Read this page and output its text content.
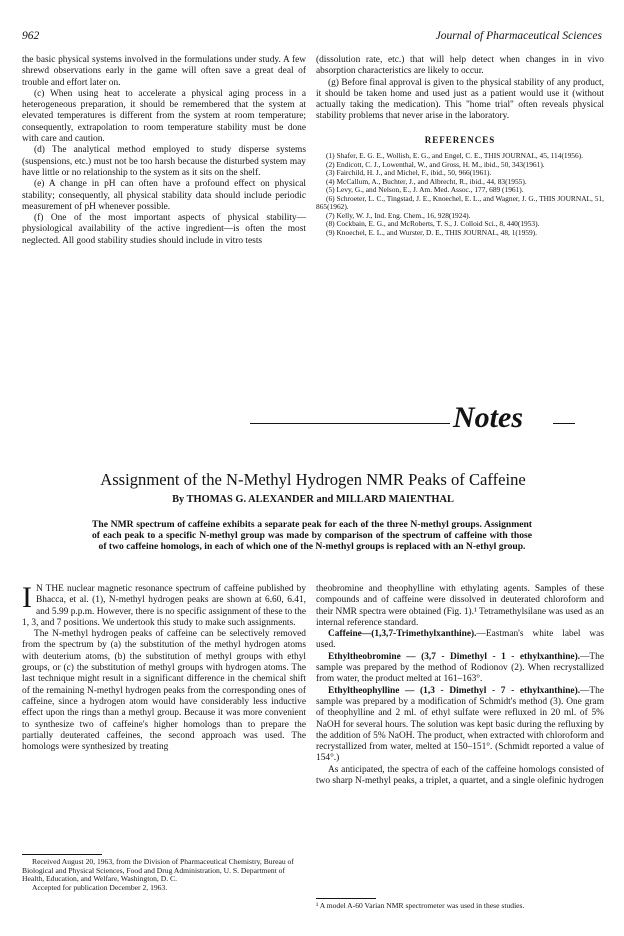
962	Journal of Pharmaceutical Sciences

the basic physical systems involved in the formulations under study. A few shrewd observations early in the game will often save a great deal of trouble and effort later on.

(c) When using heat to accelerate a physical aging process in a heterogeneous preparation, it should be remembered that the system at elevated temperatures is different from the system at room temperature; consequently, extrapolation to room temperature stability must be done with care and caution.

(d) The analytical method employed to study disperse systems (suspensions, etc.) must not be too harsh because the disturbed system may have little or no relationship to the system as it sits on the shelf.

(e) A change in pH can often have a profound effect on physical stability; consequently, all physical stability data should include periodic measurement of pH whenever possible.

(f) One of the most important aspects of physical stability—physiological availability of the active ingredient—is often the most neglected. All good stability studies should include in vitro tests

(dissolution rate, etc.) that will help detect when changes in in vivo absorption characteristics are likely to occur.

(g) Before final approval is given to the physical stability of any product, it should be taken home and used just as a patient would use it (without actually taking the medication). This "home trial" often reveals physical stability problems that never arise in the laboratory.

REFERENCES
(1) Shafer, E. G. E., Wollish, E. G., and Engel, C. E., THIS JOURNAL, 45, 114(1956).
(2) Endicott, C. J., Lowenthal, W., and Gross, H. M., ibid., 50, 343(1961).
(3) Fairchild, H. J., and Michel, F., ibid., 50, 966(1961).
(4) McCallum, A., Buchter, J., and Albrecht, R., ibid., 44, 83(1955).
(5) Levy, G., and Nelson, E., J. Am. Med. Assoc., 177, 689 (1961).
(6) Schroeter, L. C., Tingstad, J. E., Knoechel, E. L., and Wagner, J. G., THIS JOURNAL, 51, 865(1962).
(7) Kelly, W. J., Ind. Eng. Chem., 16, 928(1924).
(8) Cockbain, E. G., and McRoberts, T. S., J. Colloid Sci., 8, 440(1953).
(9) Knoechel, E. L., and Wurster, D. E., THIS JOURNAL, 48, 1(1959).
Notes
Assignment of the N-Methyl Hydrogen NMR Peaks of Caffeine
By THOMAS G. ALEXANDER and MILLARD MAIENTHAL
The NMR spectrum of caffeine exhibits a separate peak for each of the three N-methyl groups. Assignment of each peak to a specific N-methyl group was made by comparison of the spectrum of caffeine with those of two caffeine homologs, in each of which one of the N-methyl groups is replaced with an N-ethyl group.

I N THE nuclear magnetic resonance spectrum of caffeine published by Bhacca, et al. (1), N-methyl hydrogen peaks are shown at 6.60, 6.41, and 5.99 p.p.m. However, there is no specific assignment of these to the 1, 3, and 7 positions. We undertook this study to make such assignments.

The N-methyl hydrogen peaks of caffeine can be selectively removed from the spectrum by (a) the substitution of the methyl hydrogen atoms with deuterium atoms, (b) the substitution of methyl groups with ethyl groups, or (c) the substitution of methyl groups with hydrogen atoms. The last technique might result in a significant difference in the chemical shift of the remaining N-methyl hydrogen peaks from the corresponding ones of caffeine, since a hydrogen atom would have considerably less inductive effect upon the rings than a methyl group. Because it was more convenient to synthesize two of caffeine's higher homologs than to prepare the partially deuterated caffeines, the second approach was used. The homologs were synthesized by treating

theobromine and theophylline with ethylating agents. Samples of these compounds and of caffeine were dissolved in deuterated chloroform and their NMR spectra were obtained (Fig. 1).¹ Tetramethylsilane was used as an internal reference standard.

Caffeine—(1,3,7-Trimethylxanthine).—Eastman's white label was used.

Ethyltheobromine — (3,7 - Dimethyl - 1 - ethylxanthine).—The sample was prepared by the method of Rodionov (2). When recrystallized from water, the product melted at 161–163°.

Ethyltheophylline — (1,3 - Dimethyl - 7 - ethylxanthine).—The sample was prepared by a modification of Schmidt's method (3). One gram of theophylline and 2 ml. of ethyl sulfate were refluxed in 20 ml. of 5% NaOH for several hours. The solution was kept basic during the refluxing by the addition of 5% NaOH. The product, when extracted with chloroform and recrystallized from water, melted at 150–151°. (Schmidt reported a value of 154°.)

As anticipated, the spectra of each of the caffeine homologs consisted of two sharp N-methyl peaks, a triplet, a quartet, and a single olefinic hydrogen

Received August 20, 1963, from the Division of Pharmaceutical Chemistry, Bureau of Biological and Physical Sciences, Food and Drug Administration, U. S. Department of Health, Education, and Welfare, Washington, D. C.
Accepted for publication December 2, 1963.
¹ A model A-60 Varian NMR spectrometer was used in these studies.
